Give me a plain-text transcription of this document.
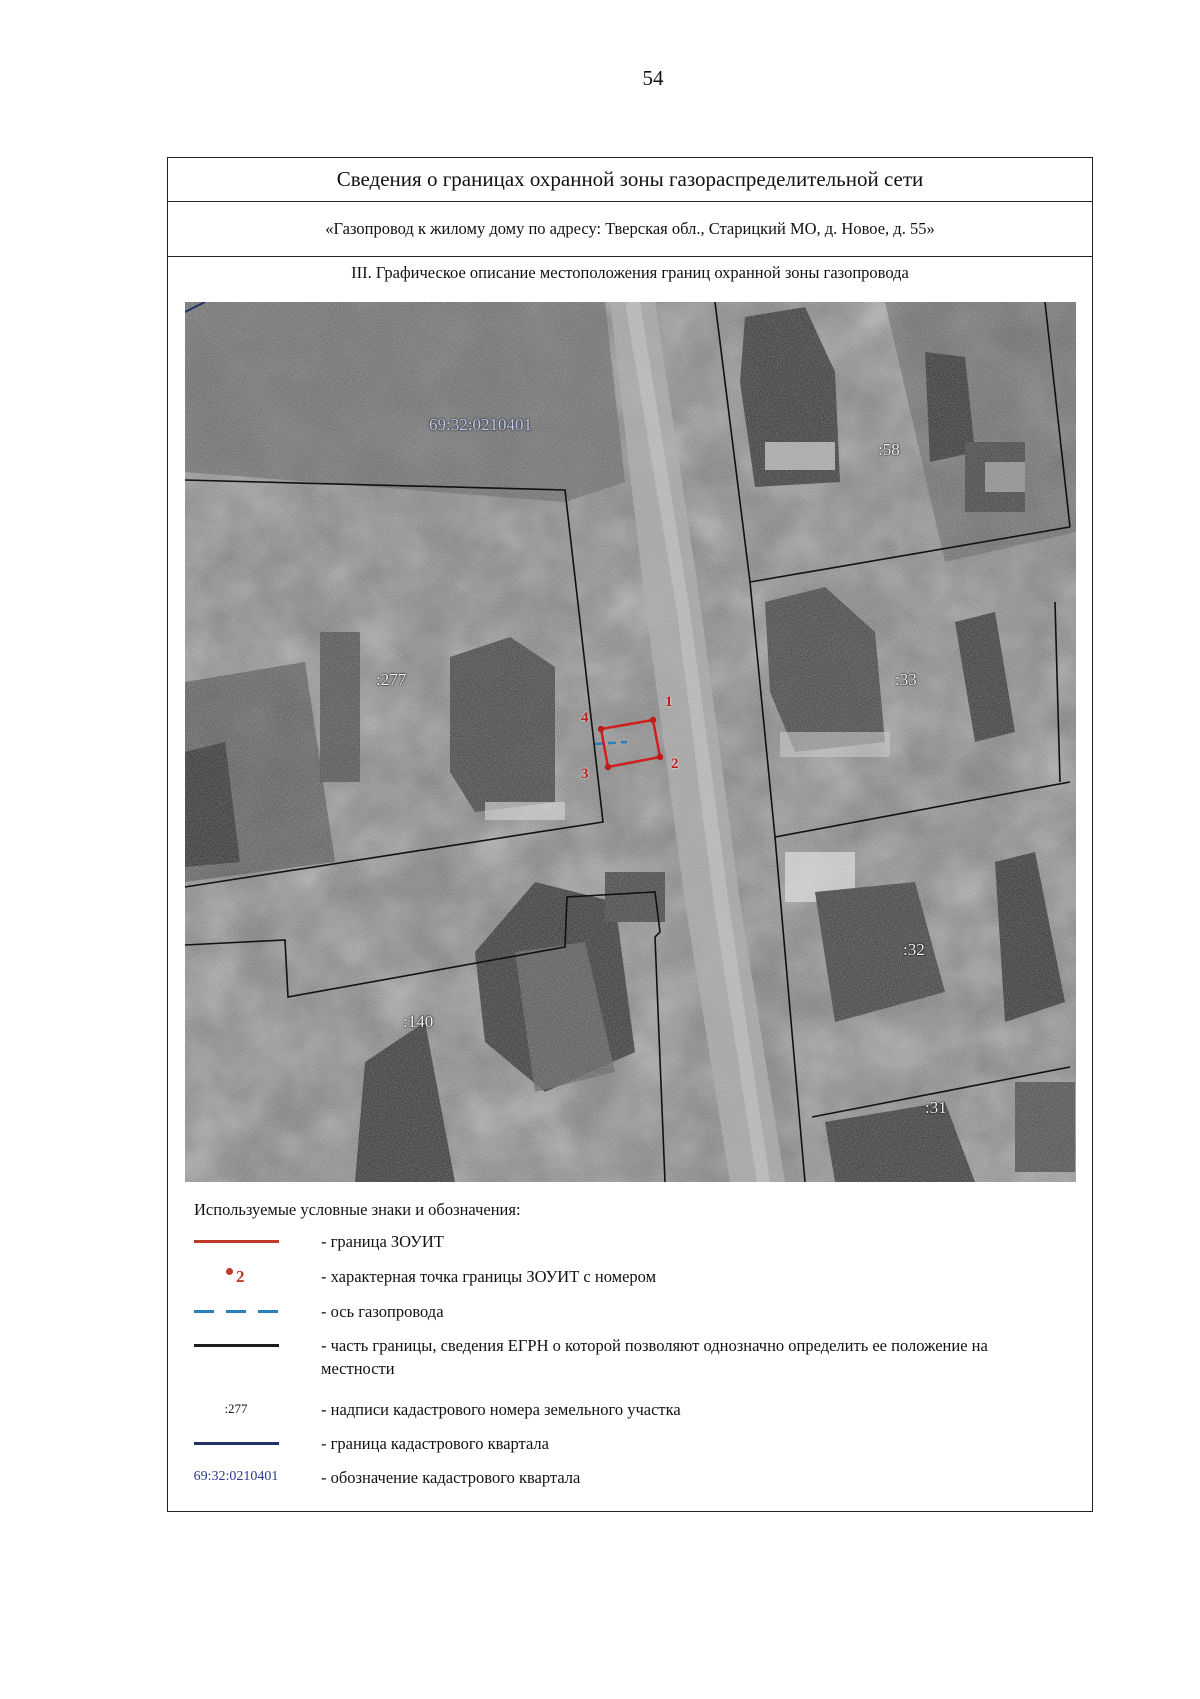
54
Сведения о границах охранной зоны газораспределительной сети
«Газопровод к жилому дому по адресу: Тверская обл., Старицкий МО, д. Новое, д. 55»
III. Графическое описание местоположения границ охранной зоны газопровода
69:32:0210401
:58
:277	:33
:32
:140
:31
1
2
3
4
Используемые условные знаки и обозначения:
- граница ЗОУИТ
2	- характерная точка границы ЗОУИТ с номером
- ось газопровода
- часть границы, сведения ЕГРН о которой позволяют однозначно определить ее положение на местности
:277	- надписи кадастрового номера земельного участка
- граница кадастрового квартала
69:32:0210401	- обозначение кадастрового квартала
